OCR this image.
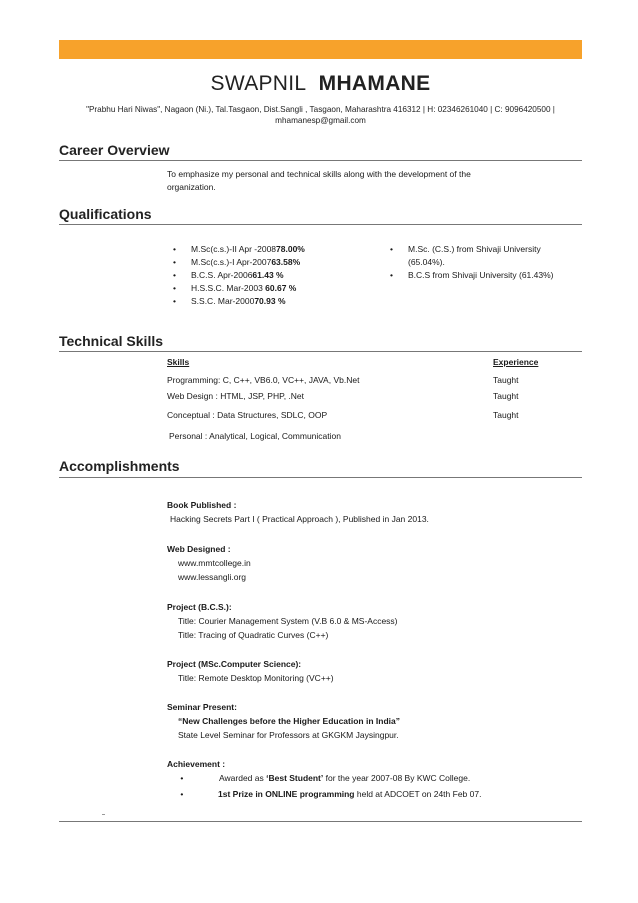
SWAPNIL MHAMANE
"Prabhu Hari Niwas", Nagaon (Ni.), Tal.Tasgaon, Dist.Sangli , Tasgaon, Maharashtra 416312 | H: 02346261040 | C: 9096420500 |
mhamanesp@gmail.com
Career Overview
To emphasize my personal and technical skills along with the development of the
organization.
Qualifications
• M.Sc(c.s.)-II Apr -200878.00%
• M.Sc(c.s.)-I Apr-200763.58%
• B.C.S. Apr-200661.43 %
• H.S.S.C. Mar-2003 60.67 %
• S.S.C. Mar-200070.93 %
• M.Sc. (C.S.) from Shivaji University
(65.04%).
• B.C.S from Shivaji University (61.43%)
Technical Skills
Skills	Experience
Programming: C, C++, VB6.0, VC++, JAVA, Vb.Net	Taught
Web Design : HTML, JSP, PHP, .Net	Taught
Conceptual : Data Structures, SDLC, OOP	Taught
Personal : Analytical, Logical, Communication
Accomplishments
Book Published :
Hacking Secrets Part I ( Practical Approach ), Published in Jan 2013.
Web Designed :
www.mmtcollege.in
www.lessangli.org
Project (B.C.S.):
Title: Courier Management System (V.B 6.0 & MS-Access)
Title: Tracing of Quadratic Curves (C++)
Project (MSc.Computer Science):
Title: Remote Desktop Monitoring (VC++)
Seminar Present:
“New Challenges before the Higher Education in India”
State Level Seminar for Professors at GKGKM Jaysingpur.
Achievement :
•	Awarded as ‘Best Student’ for the year 2007-08 By KWC College.
•	1st Prize in ONLINE programming held at ADCOET on 24th Feb 07.
